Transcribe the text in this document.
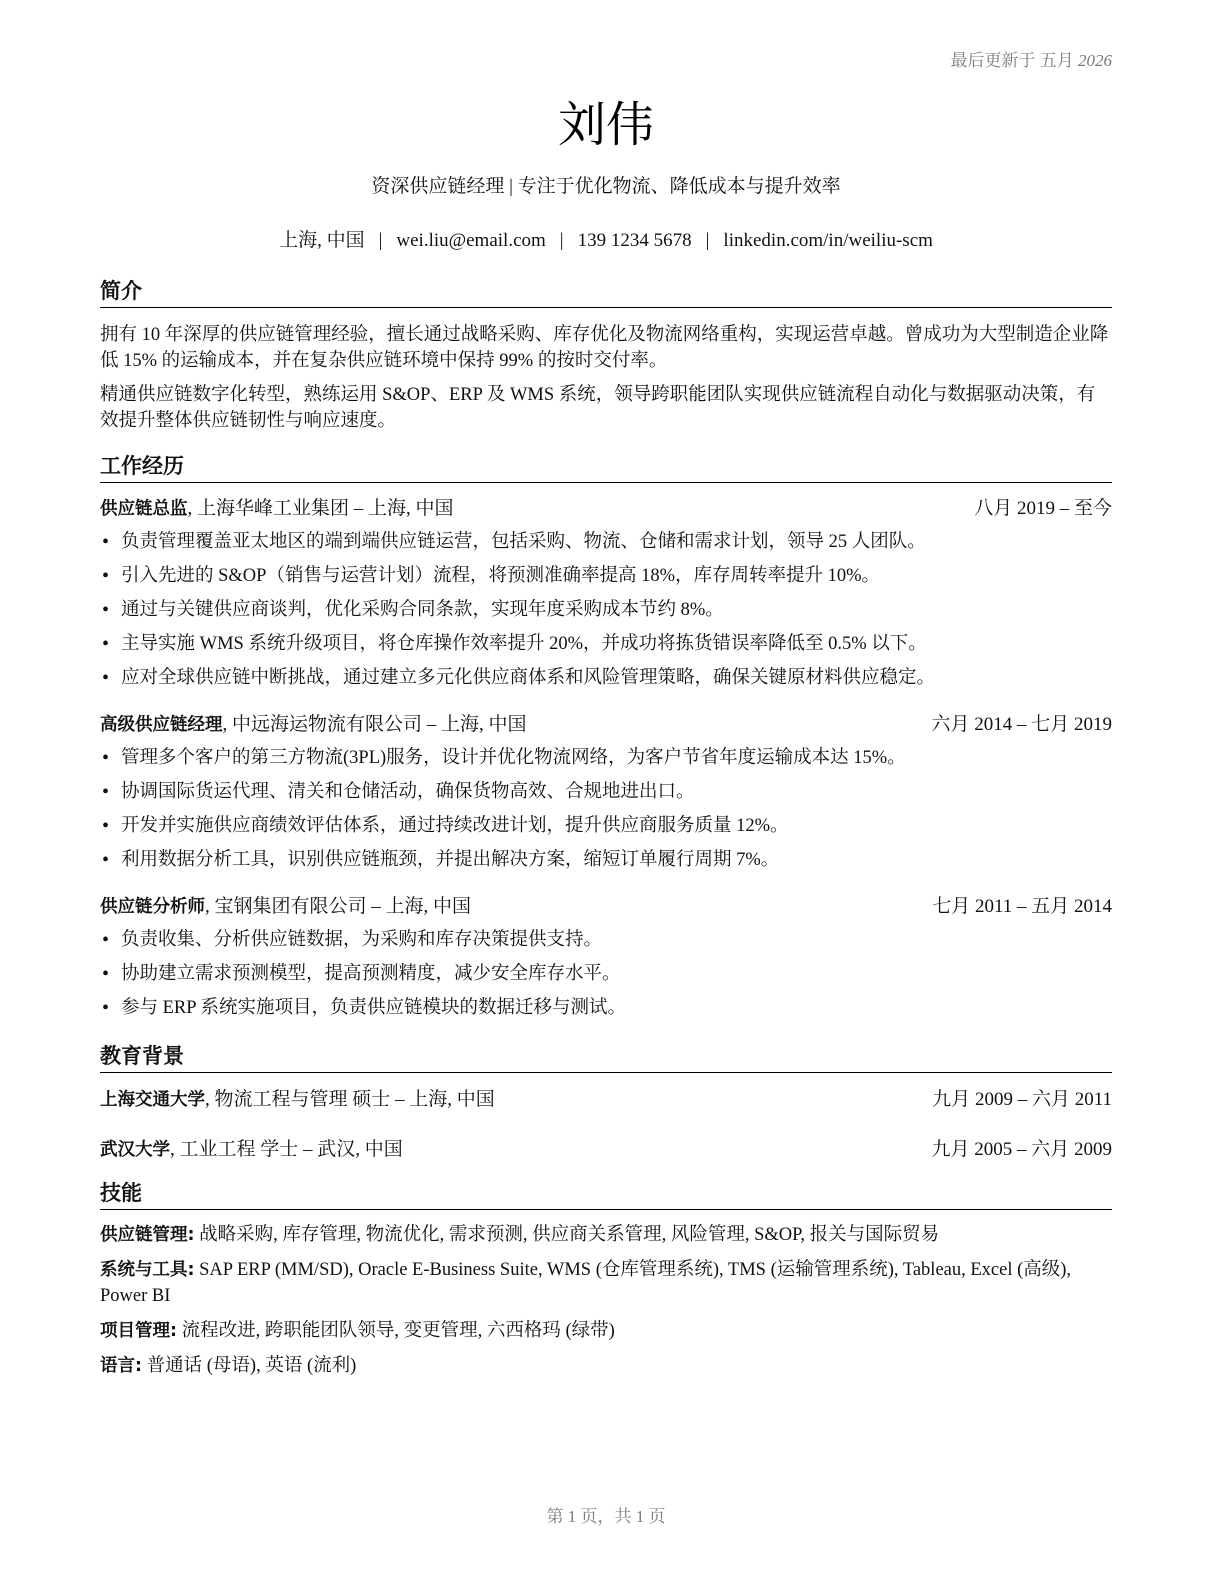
最后更新于 五月 2026
刘伟
资深供应链经理 | 专注于优化物流、降低成本与提升效率
上海, 中国 | wei.liu@email.com | 139 1234 5678 | linkedin.com/in/weiliu-scm
简介

拥有 10 年深厚的供应链管理经验，擅长通过战略采购、库存优化及物流网络重构，实现运营卓越。曾成功为大型制造企业降低 15% 的运输成本，并在复杂供应链环境中保持 99% 的按时交付率。

精通供应链数字化转型，熟练运用 S&OP、ERP 及 WMS 系统，领导跨职能团队实现供应链流程自动化与数据驱动决策，有效提升整体供应链韧性与响应速度。

工作经历
供应链总监, 上海华峰工业集团 – 上海, 中国	八月 2019 – 至今
• 负责管理覆盖亚太地区的端到端供应链运营，包括采购、物流、仓储和需求计划，领导 25 人团队。
• 引入先进的 S&OP（销售与运营计划）流程，将预测准确率提高 18%，库存周转率提升 10%。
• 通过与关键供应商谈判，优化采购合同条款，实现年度采购成本节约 8%。
• 主导实施 WMS 系统升级项目，将仓库操作效率提升 20%，并成功将拣货错误率降低至 0.5% 以下。
• 应对全球供应链中断挑战，通过建立多元化供应商体系和风险管理策略，确保关键原材料供应稳定。
高级供应链经理, 中远海运物流有限公司 – 上海, 中国	六月 2014 – 七月 2019
• 管理多个客户的第三方物流(3PL)服务，设计并优化物流网络，为客户节省年度运输成本达 15%。
• 协调国际货运代理、清关和仓储活动，确保货物高效、合规地进出口。
• 开发并实施供应商绩效评估体系，通过持续改进计划，提升供应商服务质量 12%。
• 利用数据分析工具，识别供应链瓶颈，并提出解决方案，缩短订单履行周期 7%。
供应链分析师, 宝钢集团有限公司 – 上海, 中国	七月 2011 – 五月 2014
• 负责收集、分析供应链数据，为采购和库存决策提供支持。
• 协助建立需求预测模型，提高预测精度，减少安全库存水平。
• 参与 ERP 系统实施项目，负责供应链模块的数据迁移与测试。
教育背景
上海交通大学, 物流工程与管理 硕士 – 上海, 中国	九月 2009 – 六月 2011
武汉大学, 工业工程 学士 – 武汉, 中国	九月 2005 – 六月 2009
技能

供应链管理: 战略采购, 库存管理, 物流优化, 需求预测, 供应商关系管理, 风险管理, S&OP, 报关与国际贸易

系统与工具: SAP ERP (MM/SD), Oracle E-Business Suite, WMS (仓库管理系统), TMS (运输管理系统), Tableau, Excel (高级), Power BI

项目管理: 流程改进, 跨职能团队领导, 变更管理, 六西格玛 (绿带)

语言: 普通话 (母语), 英语 (流利)

第 1 页，共 1 页
